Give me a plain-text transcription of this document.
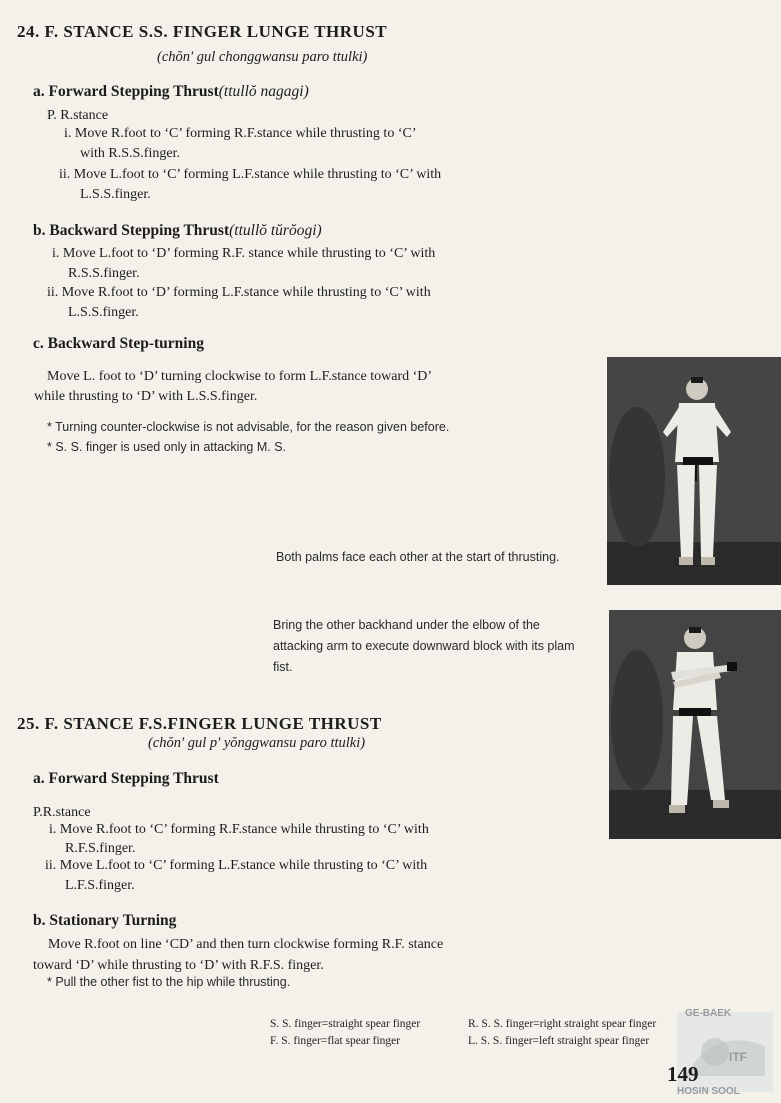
24. F. STANCE S.S. FINGER LUNGE THRUST
(chŏn' gul chonggwansu paro ttulki)
a. Forward Stepping Thrust(ttullŏ nagagi)
P. R.stance
i. Move R.foot to ‘C’ forming R.F.stance while thrusting to ‘C’
with R.S.S.finger.
ii. Move L.foot to ‘C’ forming L.F.stance while thrusting to ‘C’ with
L.S.S.finger.
b. Backward Stepping Thrust(ttullŏ tŭrŏogi)
i. Move L.foot to ‘D’ forming R.F. stance while thrusting to ‘C’ with
R.S.S.finger.
ii. Move R.foot to ‘D’ forming L.F.stance while thrusting to ‘C’ with
L.S.S.finger.
c. Backward Step-turning
Move L. foot to ‘D’ turning clockwise to form L.F.stance toward ‘D’
while thrusting to ‘D’ with L.S.S.finger.
* Turning counter-clockwise is not advisable, for the reason given before.
* S. S. finger is used only in attacking M. S.
Both palms face each other at the start of thrusting.
Bring the other backhand under the elbow of the attacking arm to execute downward block with its plam fist.
25. F. STANCE F.S.FINGER LUNGE THRUST
(chŏn' gul p' yŏnggwansu paro ttulki)
a. Forward Stepping Thrust
P.R.stance
i. Move R.foot to ‘C’ forming R.F.stance while thrusting to ‘C’ with
R.F.S.finger.
ii. Move L.foot to ‘C’ forming L.F.stance while thrusting to ‘C’ with
L.F.S.finger.
b. Stationary Turning
Move R.foot on line ‘CD’ and then turn clockwise forming R.F. stance
toward ‘D’ while thrusting to ‘D’ with R.F.S. finger.
* Pull the other fist to the hip while thrusting.
S. S. finger=straight spear finger	R. S. S. finger=right straight spear finger
F. S. finger=flat spear finger	L. S. S. finger=left straight spear finger
GE-BAEK
ITF
HOSIN SOOL
149
